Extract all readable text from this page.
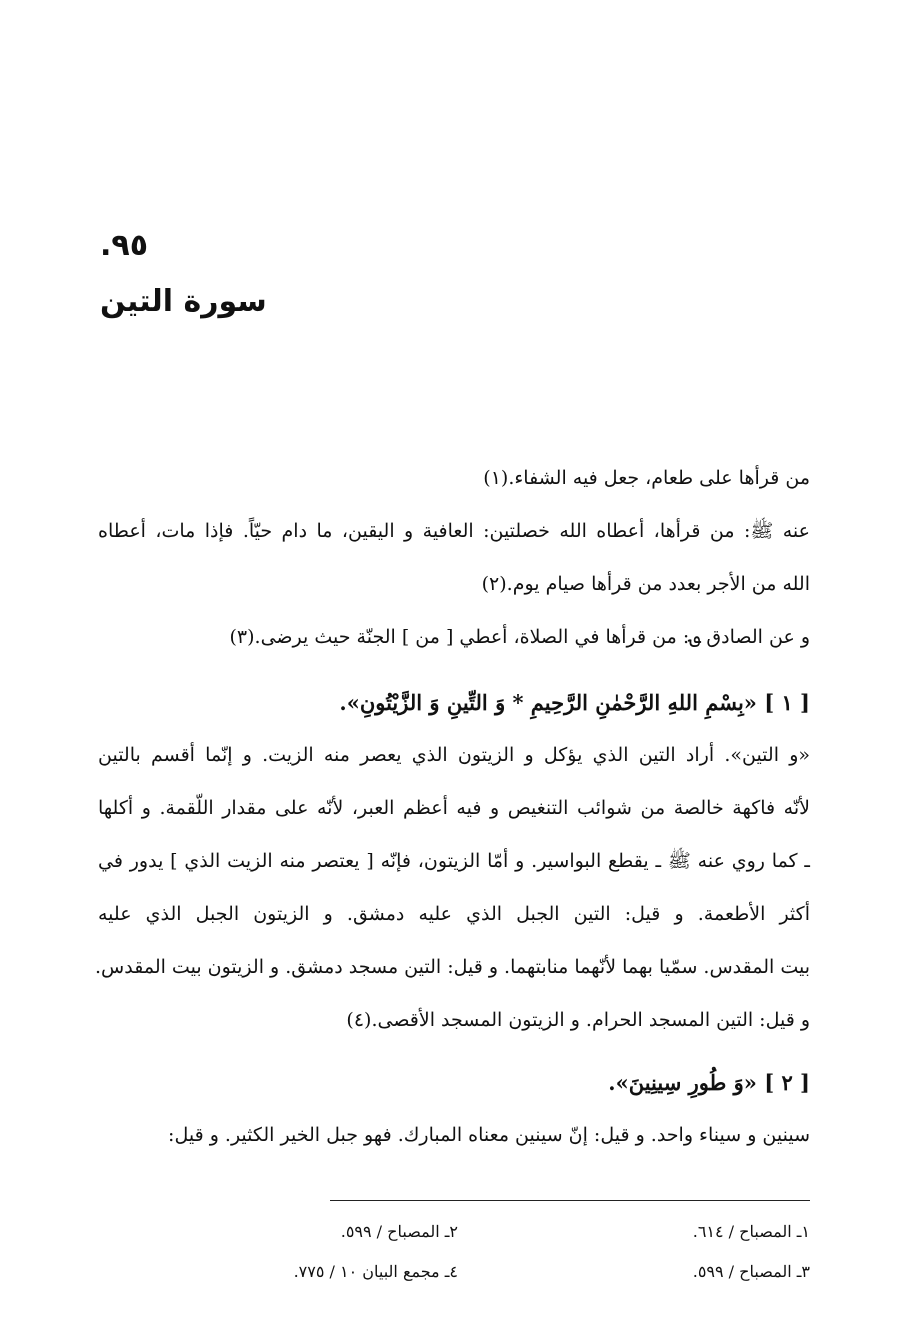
.٩٥
سورة التين
من قرأها على طعام، جعل فيه الشفاء.(١)
عنه ﷺ: من قرأها، أعطاه الله خصلتين: العافية و اليقين، ما دام حيّاً. فإذا مات، أعطاه
الله من الأجر بعدد من قرأها صيام يوم.(٢)
و عن الصادق ؈: من قرأها في الصلاة، أعطي [ من ] الجنّة حيث يرضى.(٣)
[ ١ ] «بِسْمِ اللهِ الرَّحْمٰنِ الرَّحِيمِ * وَ التِّينِ وَ الزَّيْتُونِ».
«و التين». أراد التين الذي يؤكل و الزيتون الذي يعصر منه الزيت. و إنّما أقسم بالتين
لأنّه فاكهة خالصة من شوائب التنغيص و فيه أعظم العبر، لأنّه على مقدار اللّقمة. و أكلها
ـ كما روي عنه ﷺ ـ يقطع البواسير. و أمّا الزيتون، فإنّه [ يعتصر منه الزيت الذي ] يدور في
أكثر الأطعمة. و قيل: التين الجبل الذي عليه دمشق. و الزيتون الجبل الذي عليه
بيت المقدس. سمّيا بهما لأنّهما منابتهما. و قيل: التين مسجد دمشق. و الزيتون بيت المقدس.
و قيل: التين المسجد الحرام. و الزيتون المسجد الأقصى.(٤)
[ ٢ ] «وَ طُورِ سِينِينَ».
سينين و سيناء واحد. و قيل: إنّ سينين معناه المبارك. فهو جبل الخير الكثير. و قيل:
١ـ المصباح / ٦١٤.
٢ـ المصباح / ٥٩٩.
٣ـ المصباح / ٥٩٩.
٤ـ مجمع البيان ١٠ / ٧٧٥.
